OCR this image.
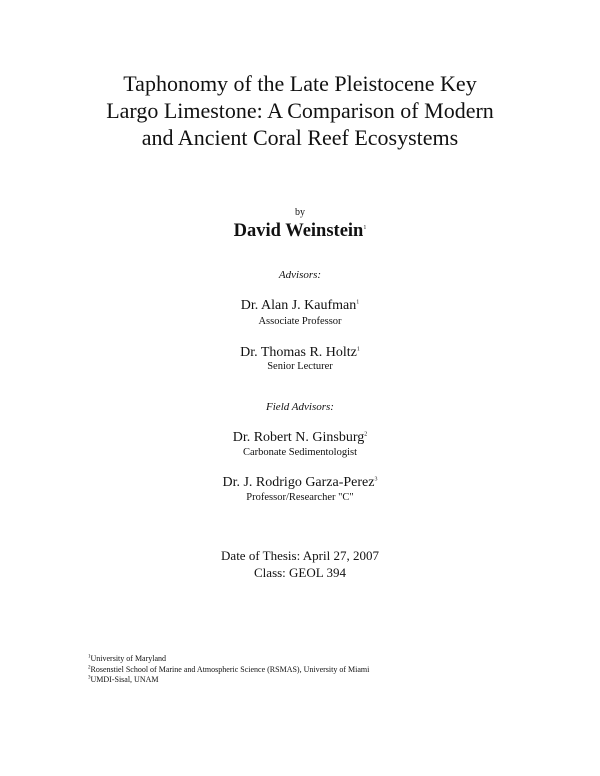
Taphonomy of the Late Pleistocene Key
Largo Limestone: A Comparison of Modern
and Ancient Coral Reef Ecosystems
by
David Weinstein$^1$
Advisors:
Dr. Alan J. Kaufman$^1$
Associate Professor
Dr. Thomas R. Holtz$^1$
Senior Lecturer
Field Advisors:
Dr. Robert N. Ginsburg$^2$
Carbonate Sedimentologist
Dr. J. Rodrigo Garza-Perez$^3$
Professor/Researcher "C"
Date of Thesis: April 27, 2007
Class: GEOL 394
$^1$University of Maryland
$^2$Rosenstiel School of Marine and Atmospheric Science (RSMAS), University of Miami
$^3$UMDI-Sisal, UNAM
